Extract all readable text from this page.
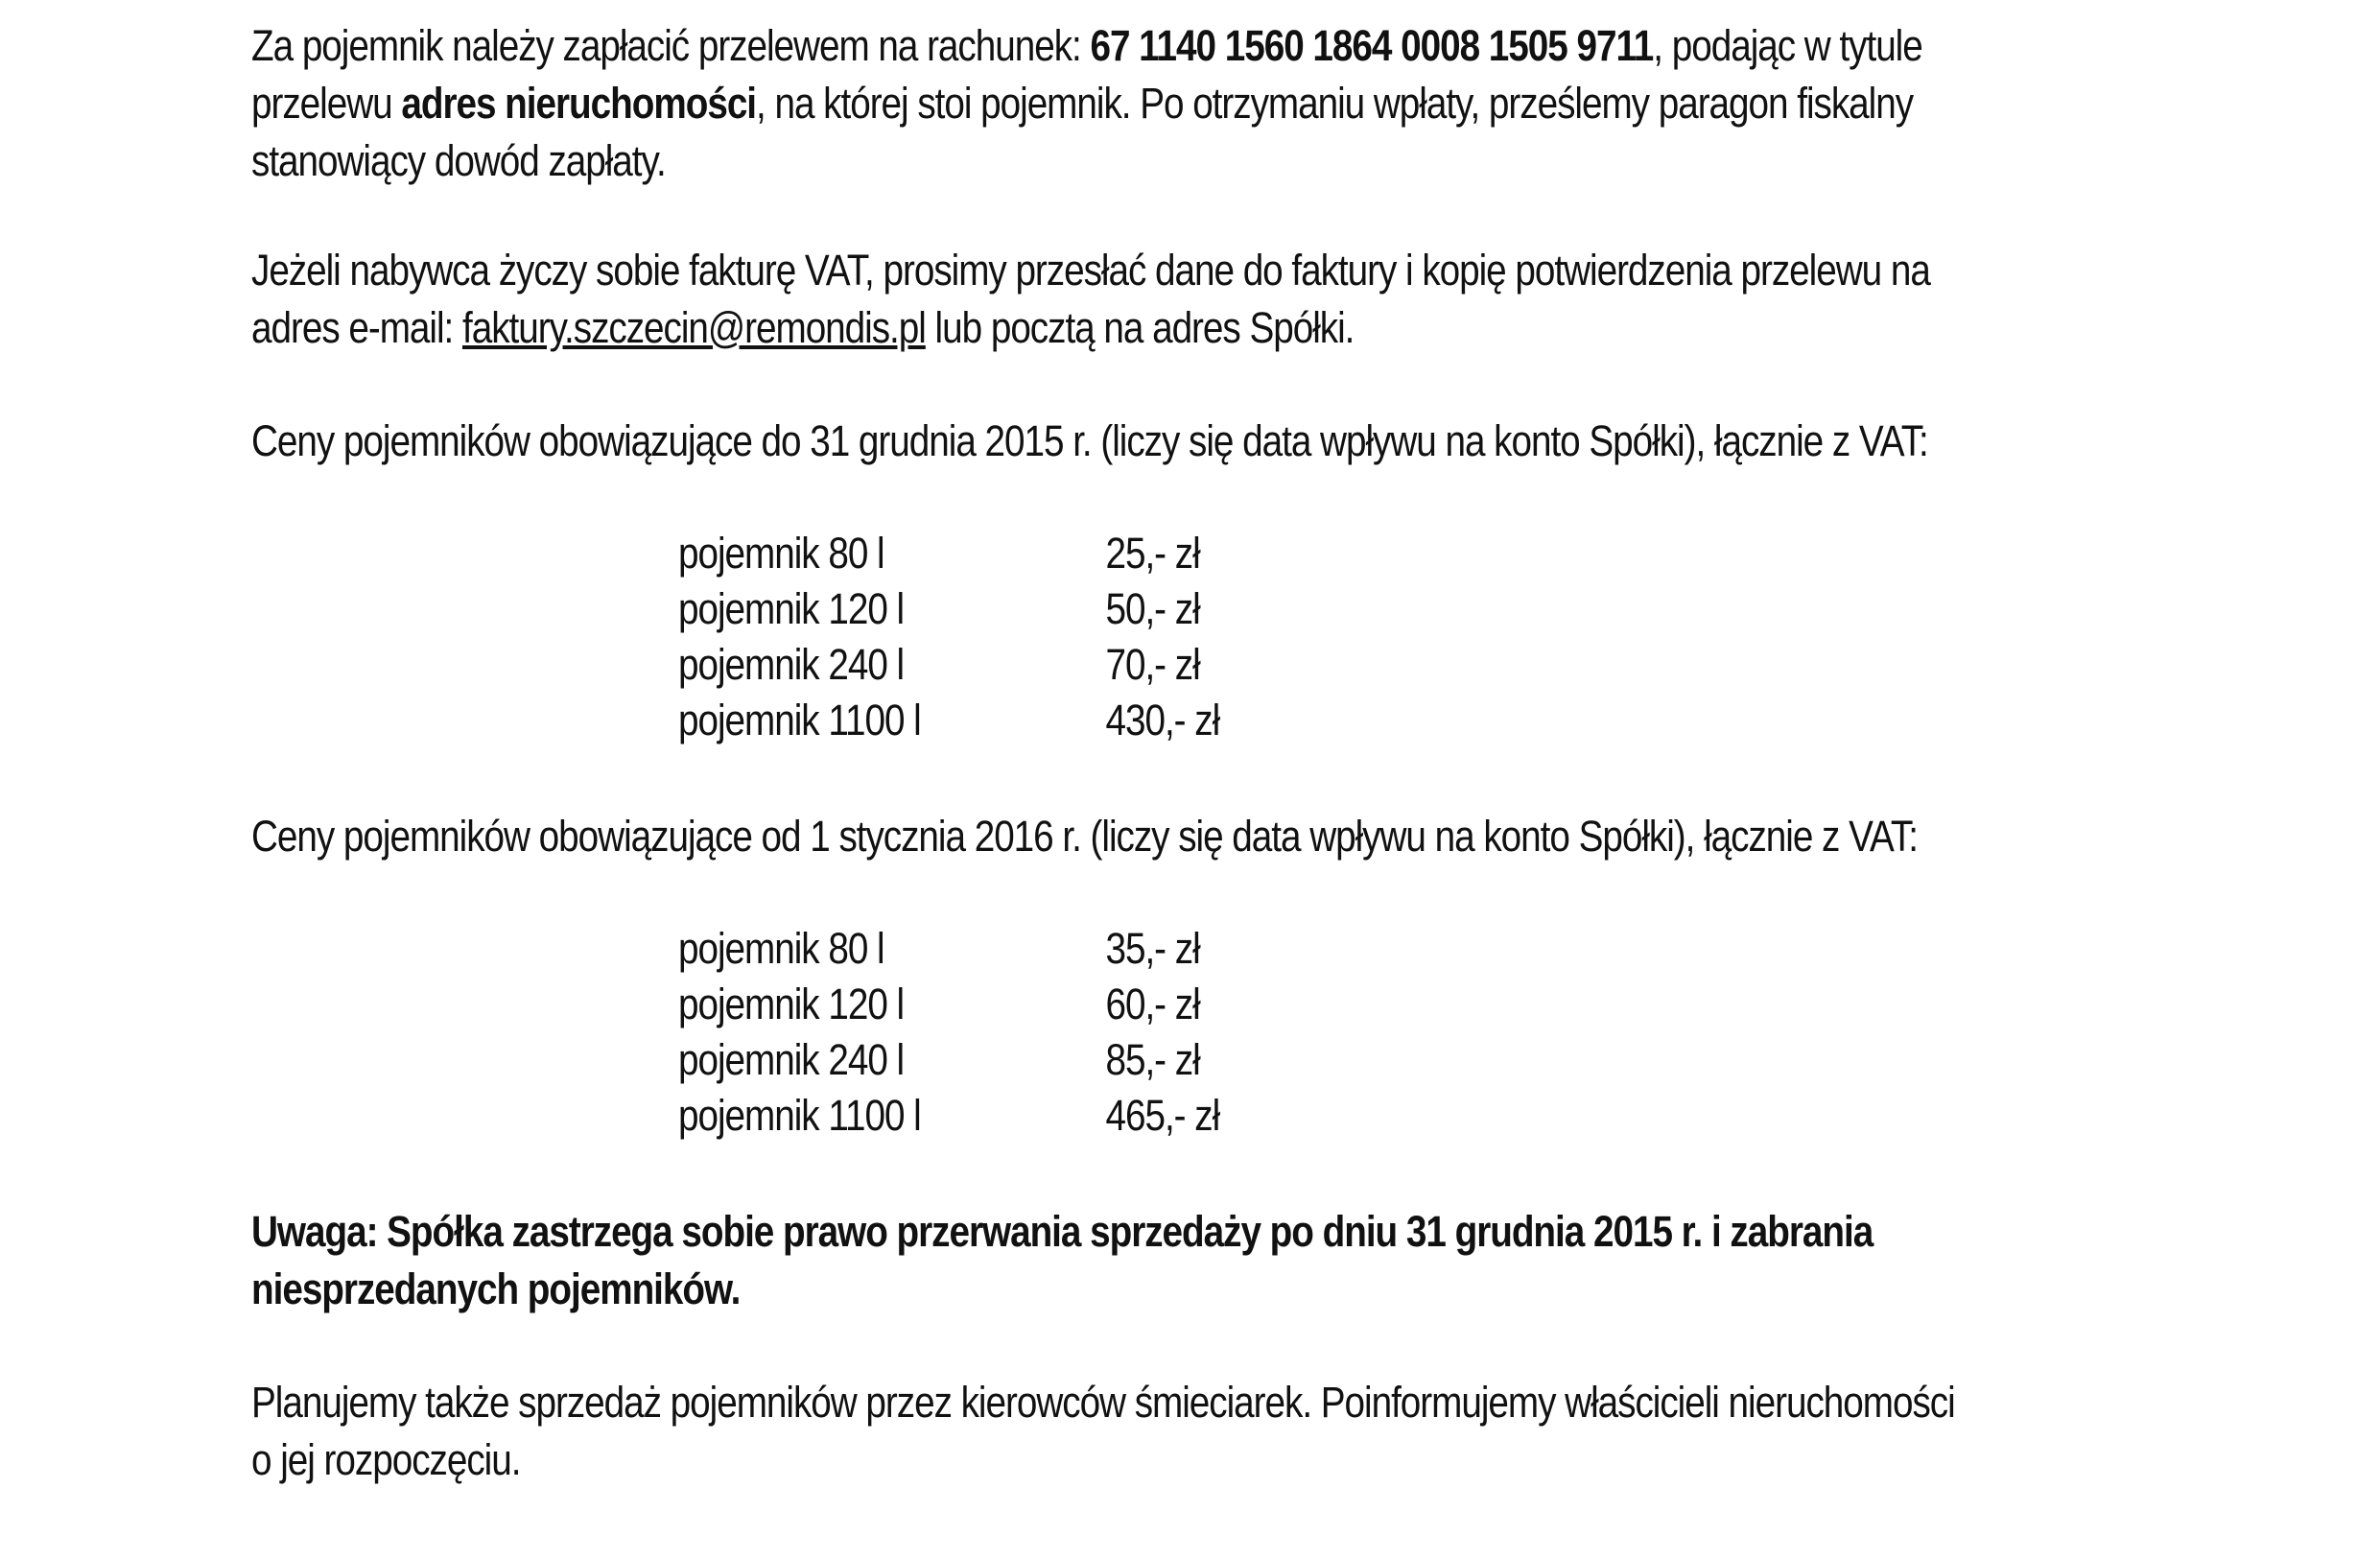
Za pojemnik należy zapłacić przelewem na rachunek: 67 1140 1560 1864 0008 1505 9711, podając w tytule
przelewu adres nieruchomości, na której stoi pojemnik. Po otrzymaniu wpłaty, prześlemy paragon fiskalny
stanowiący dowód zapłaty.

Jeżeli nabywca życzy sobie fakturę VAT, prosimy przesłać dane do faktury i kopię potwierdzenia przelewu na
adres e-mail: faktury.szczecin@remondis.pl lub pocztą na adres Spółki.

Ceny pojemników obowiązujące do 31 grudnia 2015 r. (liczy się data wpływu na konto Spółki), łącznie z VAT:

pojemnik 80 l	25,- zł
pojemnik 120 l	50,- zł
pojemnik 240 l	70,- zł
pojemnik 1100 l	430,- zł

Ceny pojemników obowiązujące od 1 stycznia 2016 r. (liczy się data wpływu na konto Spółki), łącznie z VAT:

pojemnik 80 l	35,- zł
pojemnik 120 l	60,- zł
pojemnik 240 l	85,- zł
pojemnik 1100 l	465,- zł

Uwaga: Spółka zastrzega sobie prawo przerwania sprzedaży po dniu 31 grudnia 2015 r. i zabrania
niesprzedanych pojemników.

Planujemy także sprzedaż pojemników przez kierowców śmieciarek. Poinformujemy właścicieli nieruchomości
o jej rozpoczęciu.
